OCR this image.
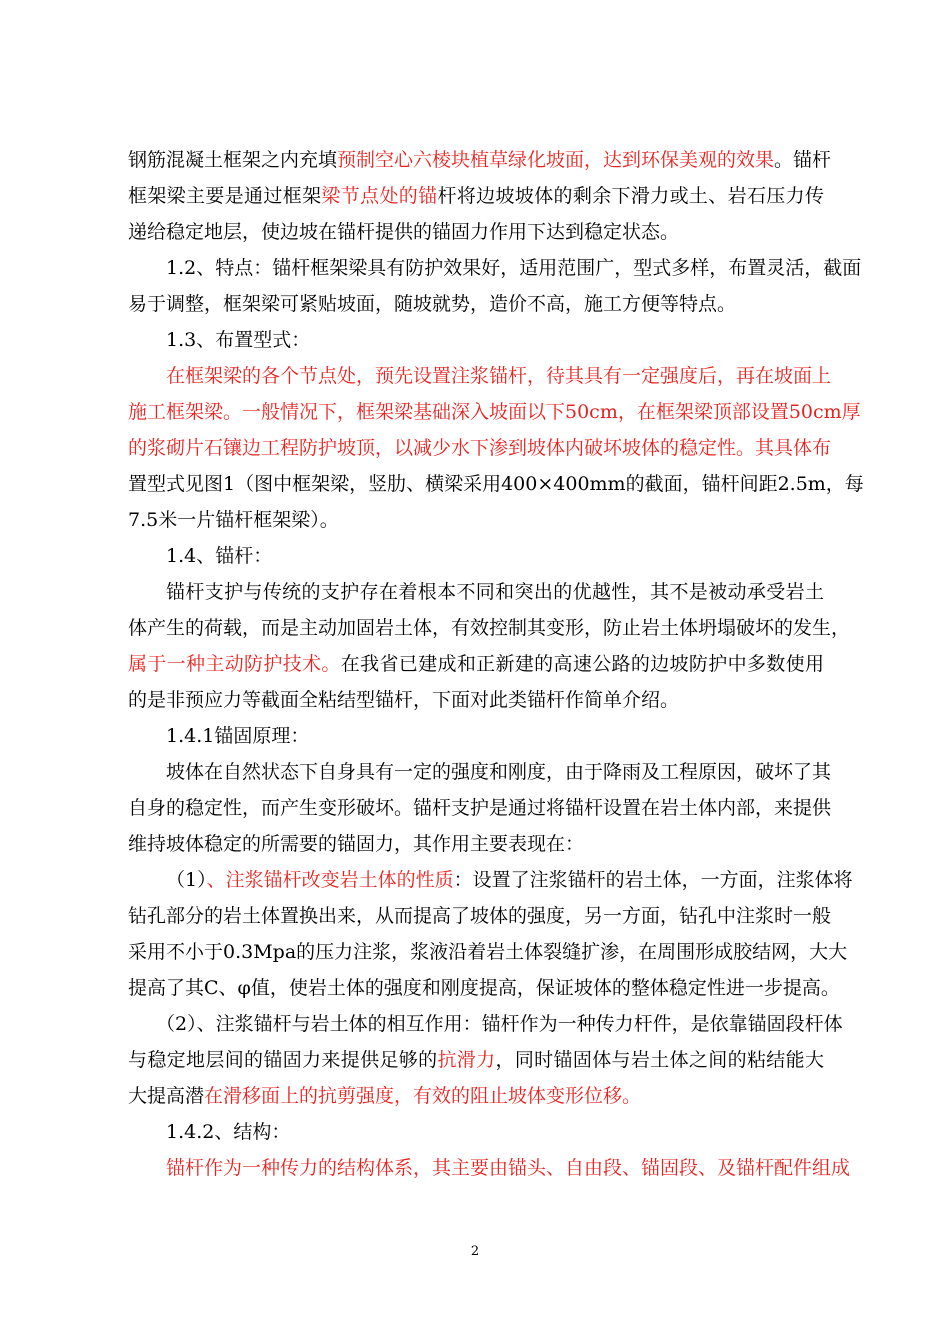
钢筋混凝土框架之内充填预制空心六棱块植草绿化坡面，达到环保美观的效果。锚杆
框架梁主要是通过框架梁节点处的锚杆将边坡坡体的剩余下滑力或土、岩石压力传
递给稳定地层，使边坡在锚杆提供的锚固力作用下达到稳定状态。
1.2、特点：锚杆框架梁具有防护效果好，适用范围广，型式多样，布置灵活，截面
易于调整，框架梁可紧贴坡面，随坡就势，造价不高，施工方便等特点。
1.3、布置型式：
在框架梁的各个节点处，预先设置注浆锚杆，待其具有一定强度后，再在坡面上
施工框架梁。一般情况下，框架梁基础深入坡面以下50cm，在框架梁顶部设置50cm厚
的浆砌片石镶边工程防护坡顶，以减少水下渗到坡体内破坏坡体的稳定性。其具体布
置型式见图1（图中框架梁，竖肋、横梁采用400×400mm的截面，锚杆间距2.5m，每
7.5米一片锚杆框架梁）。
1.4、锚杆：
锚杆支护与传统的支护存在着根本不同和突出的优越性，其不是被动承受岩土
体产生的荷载，而是主动加固岩土体，有效控制其变形，防止岩土体坍塌破坏的发生，
属于一种主动防护技术。在我省已建成和正新建的高速公路的边坡防护中多数使用
的是非预应力等截面全粘结型锚杆，下面对此类锚杆作简单介绍。
1.4.1锚固原理：
坡体在自然状态下自身具有一定的强度和刚度，由于降雨及工程原因，破坏了其
自身的稳定性，而产生变形破坏。锚杆支护是通过将锚杆设置在岩土体内部，来提供
维持坡体稳定的所需要的锚固力，其作用主要表现在：
（1）、注浆锚杆改变岩土体的性质：设置了注浆锚杆的岩土体，一方面，注浆体将
钻孔部分的岩土体置换出来，从而提高了坡体的强度，另一方面，钻孔中注浆时一般
采用不小于0.3Mpa的压力注浆，浆液沿着岩土体裂缝扩渗，在周围形成胶结网，大大
提高了其C、φ值，使岩土体的强度和刚度提高，保证坡体的整体稳定性进一步提高。
（2）、注浆锚杆与岩土体的相互作用：锚杆作为一种传力杆件，是依靠锚固段杆体
与稳定地层间的锚固力来提供足够的抗滑力，同时锚固体与岩土体之间的粘结能大
大提高潜在滑移面上的抗剪强度，有效的阻止坡体变形位移。
1.4.2、结构：
锚杆作为一种传力的结构体系，其主要由锚头、自由段、锚固段、及锚杆配件组成
2
